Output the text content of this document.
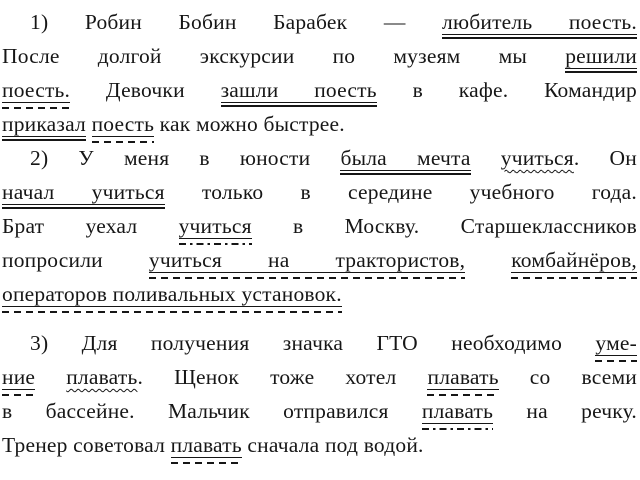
1) Робин Бобин Барабек — любитель поесть.
После долгой экскурсии по музеям мы решили
поесть. Девочки зашли поесть в кафе. Командир
приказал поесть как можно быстрее.
2) У меня в юности была мечта учиться. Он
начал учиться только в середине учебного года.
Брат уехал учиться в Москву. Старшеклассников
попросили учиться на трактористов, комбайнёров,
операторов поливальных установок.
3) Для получения значка ГТО необходимо уме-
ние плавать. Щенок тоже хотел плавать со всеми
в бассейне. Мальчик отправился плавать на речку.
Тренер советовал плавать сначала под водой.
